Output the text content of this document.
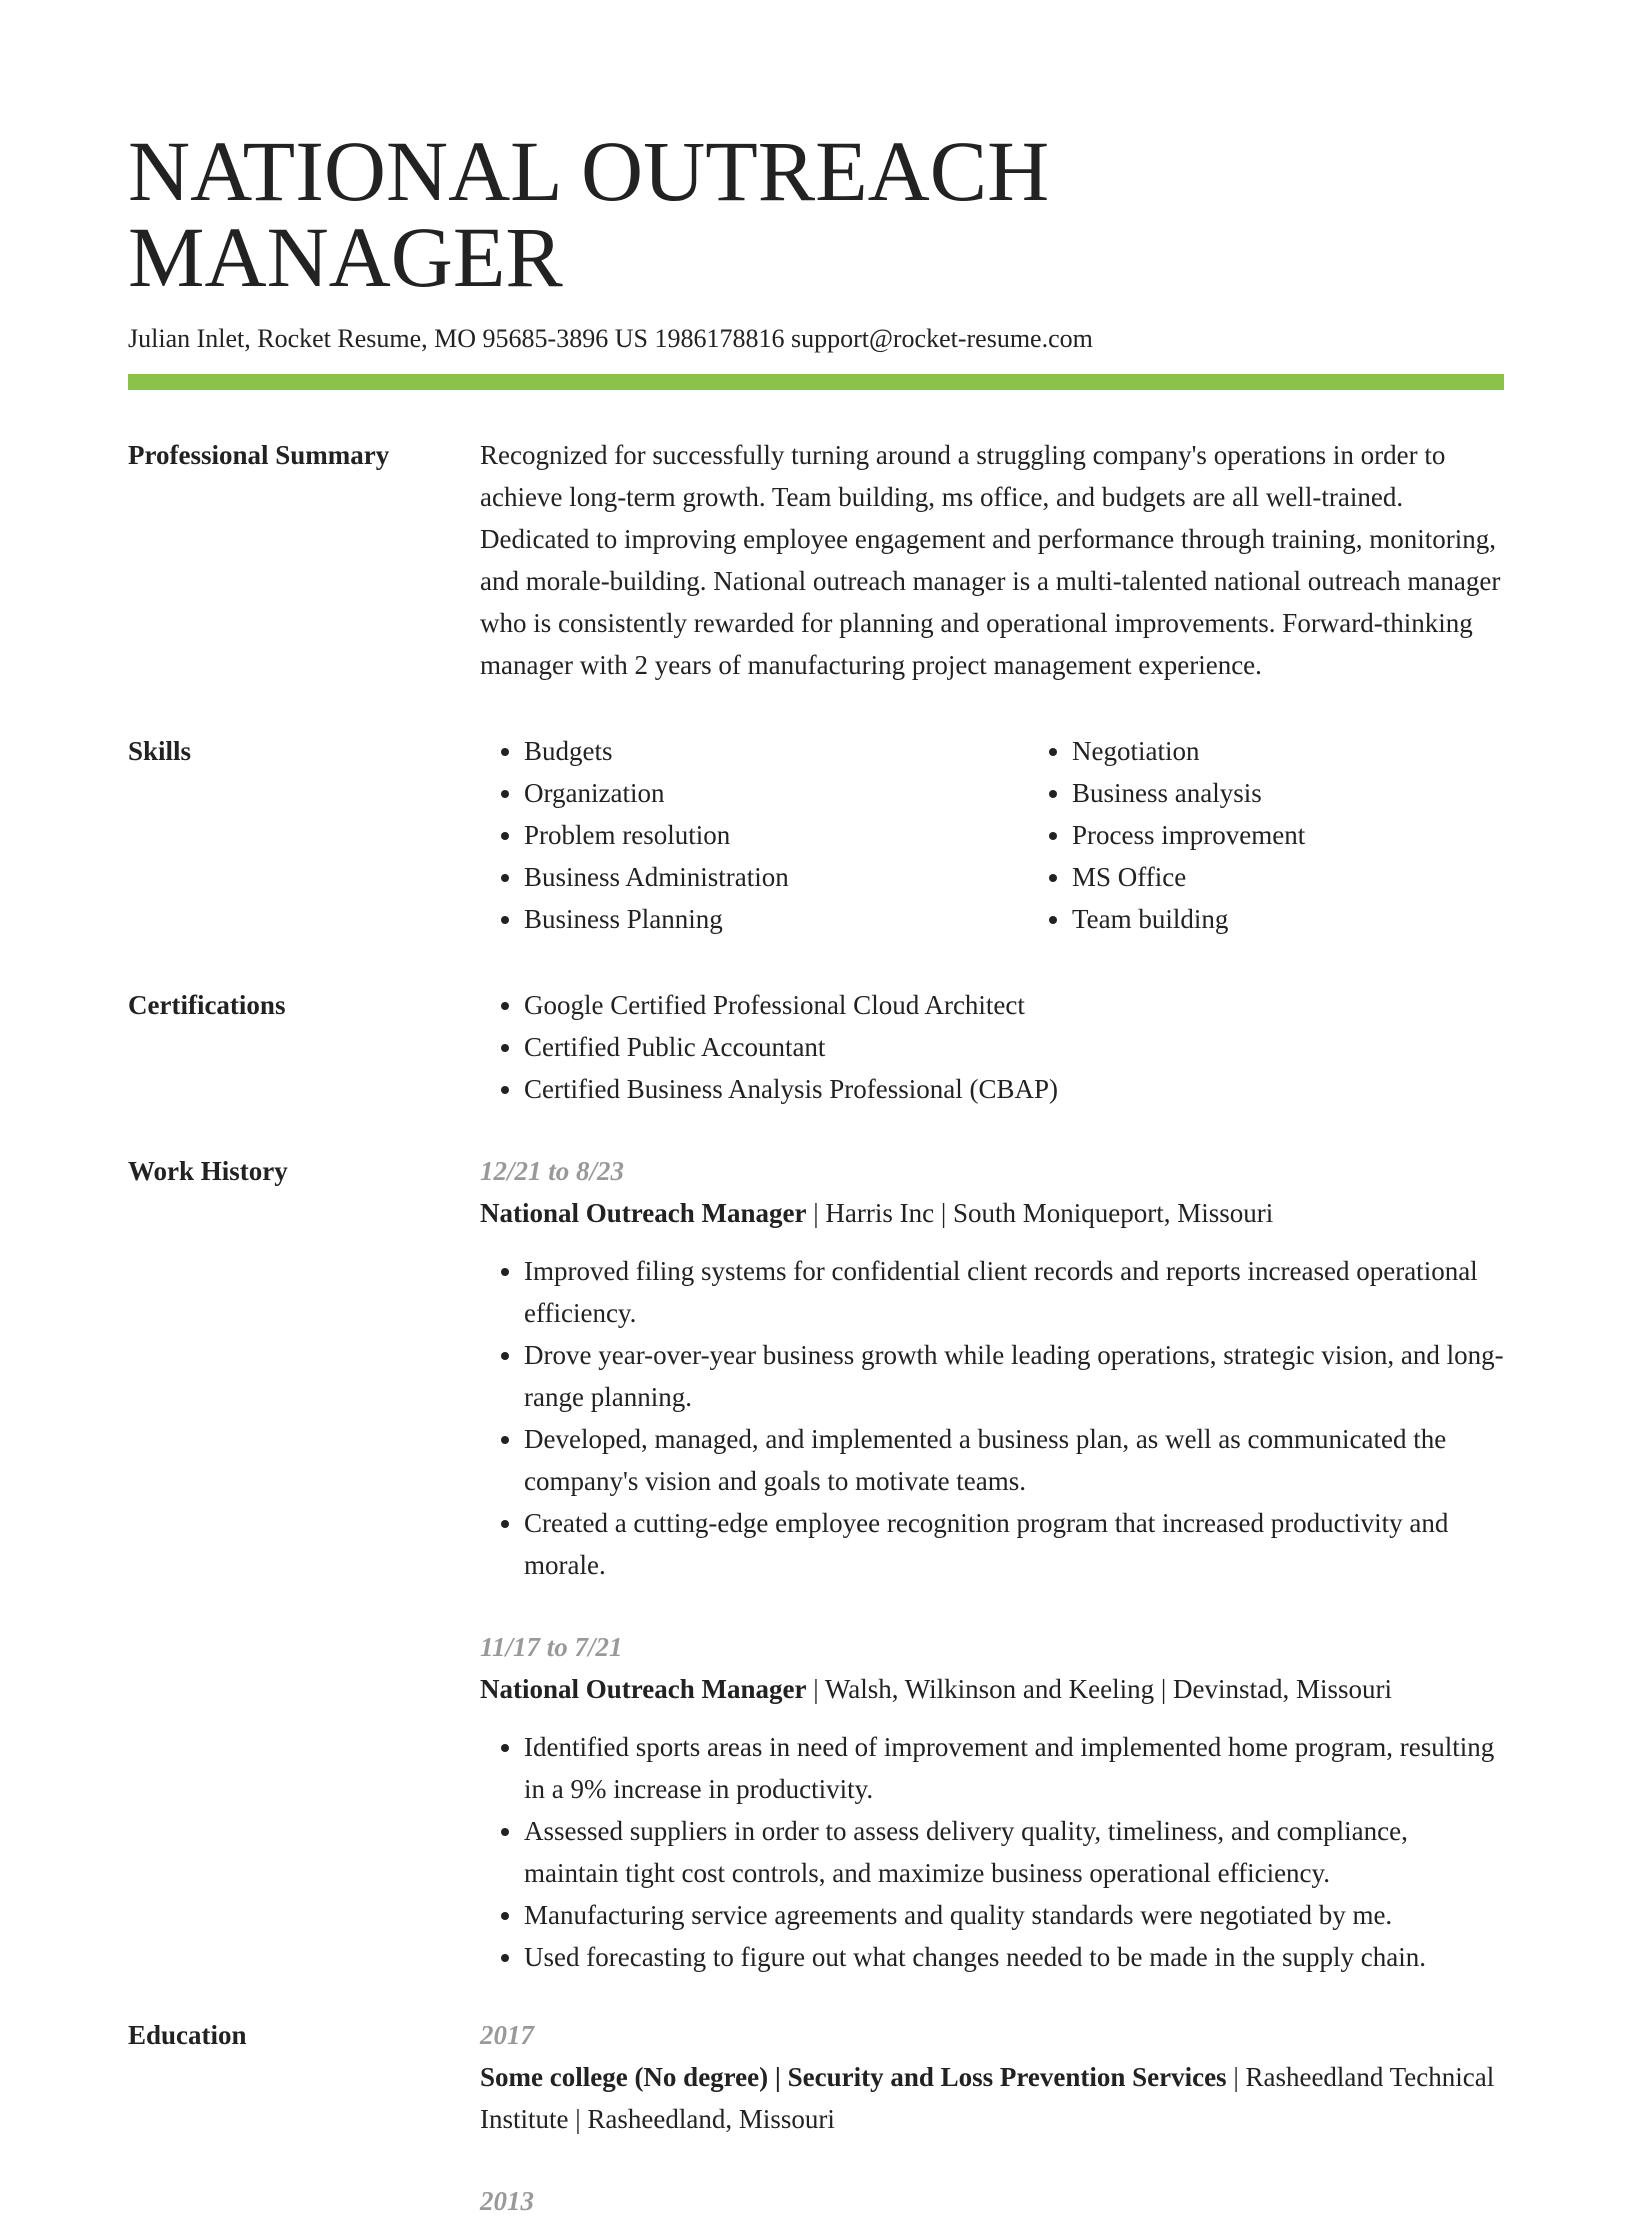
NATIONAL OUTREACH MANAGER
Julian Inlet, Rocket Resume, MO 95685-3896 US 1986178816 support@rocket-resume.com
Professional Summary	Recognized for successfully turning around a struggling company's operations in order to achieve long-term growth. Team building, ms office, and budgets are all well-trained. Dedicated to improving employee engagement and performance through training, monitoring, and morale-building. National outreach manager is a multi-talented national outreach manager who is consistently rewarded for planning and operational improvements. Forward-thinking manager with 2 years of manufacturing project management experience.

Skills	• Budgets
• Organization
• Problem resolution
• Business Administration
• Business Planning
• Negotiation
• Business analysis
• Process improvement
• MS Office
• Team building
Certifications	• Google Certified Professional Cloud Architect
• Certified Public Accountant
• Certified Business Analysis Professional (CBAP)
Work History	12/21 to 8/23

National Outreach Manager | Harris Inc | South Moniqueport, Missouri

• Improved filing systems for confidential client records and reports increased operational efficiency.
• Drove year-over-year business growth while leading operations, strategic vision, and long-range planning.
• Developed, managed, and implemented a business plan, as well as communicated the company's vision and goals to motivate teams.
• Created a cutting-edge employee recognition program that increased productivity and morale.
11/17 to 7/21

National Outreach Manager | Walsh, Wilkinson and Keeling | Devinstad, Missouri

• Identified sports areas in need of improvement and implemented home program, resulting in a 9% increase in productivity.
• Assessed suppliers in order to assess delivery quality, timeliness, and compliance, maintain tight cost controls, and maximize business operational efficiency.
• Manufacturing service agreements and quality standards were negotiated by me.
• Used forecasting to figure out what changes needed to be made in the supply chain.
Education	2017

Some college (No degree) | Security and Loss Prevention Services | Rasheedland Technical Institute | Rasheedland, Missouri

2013
